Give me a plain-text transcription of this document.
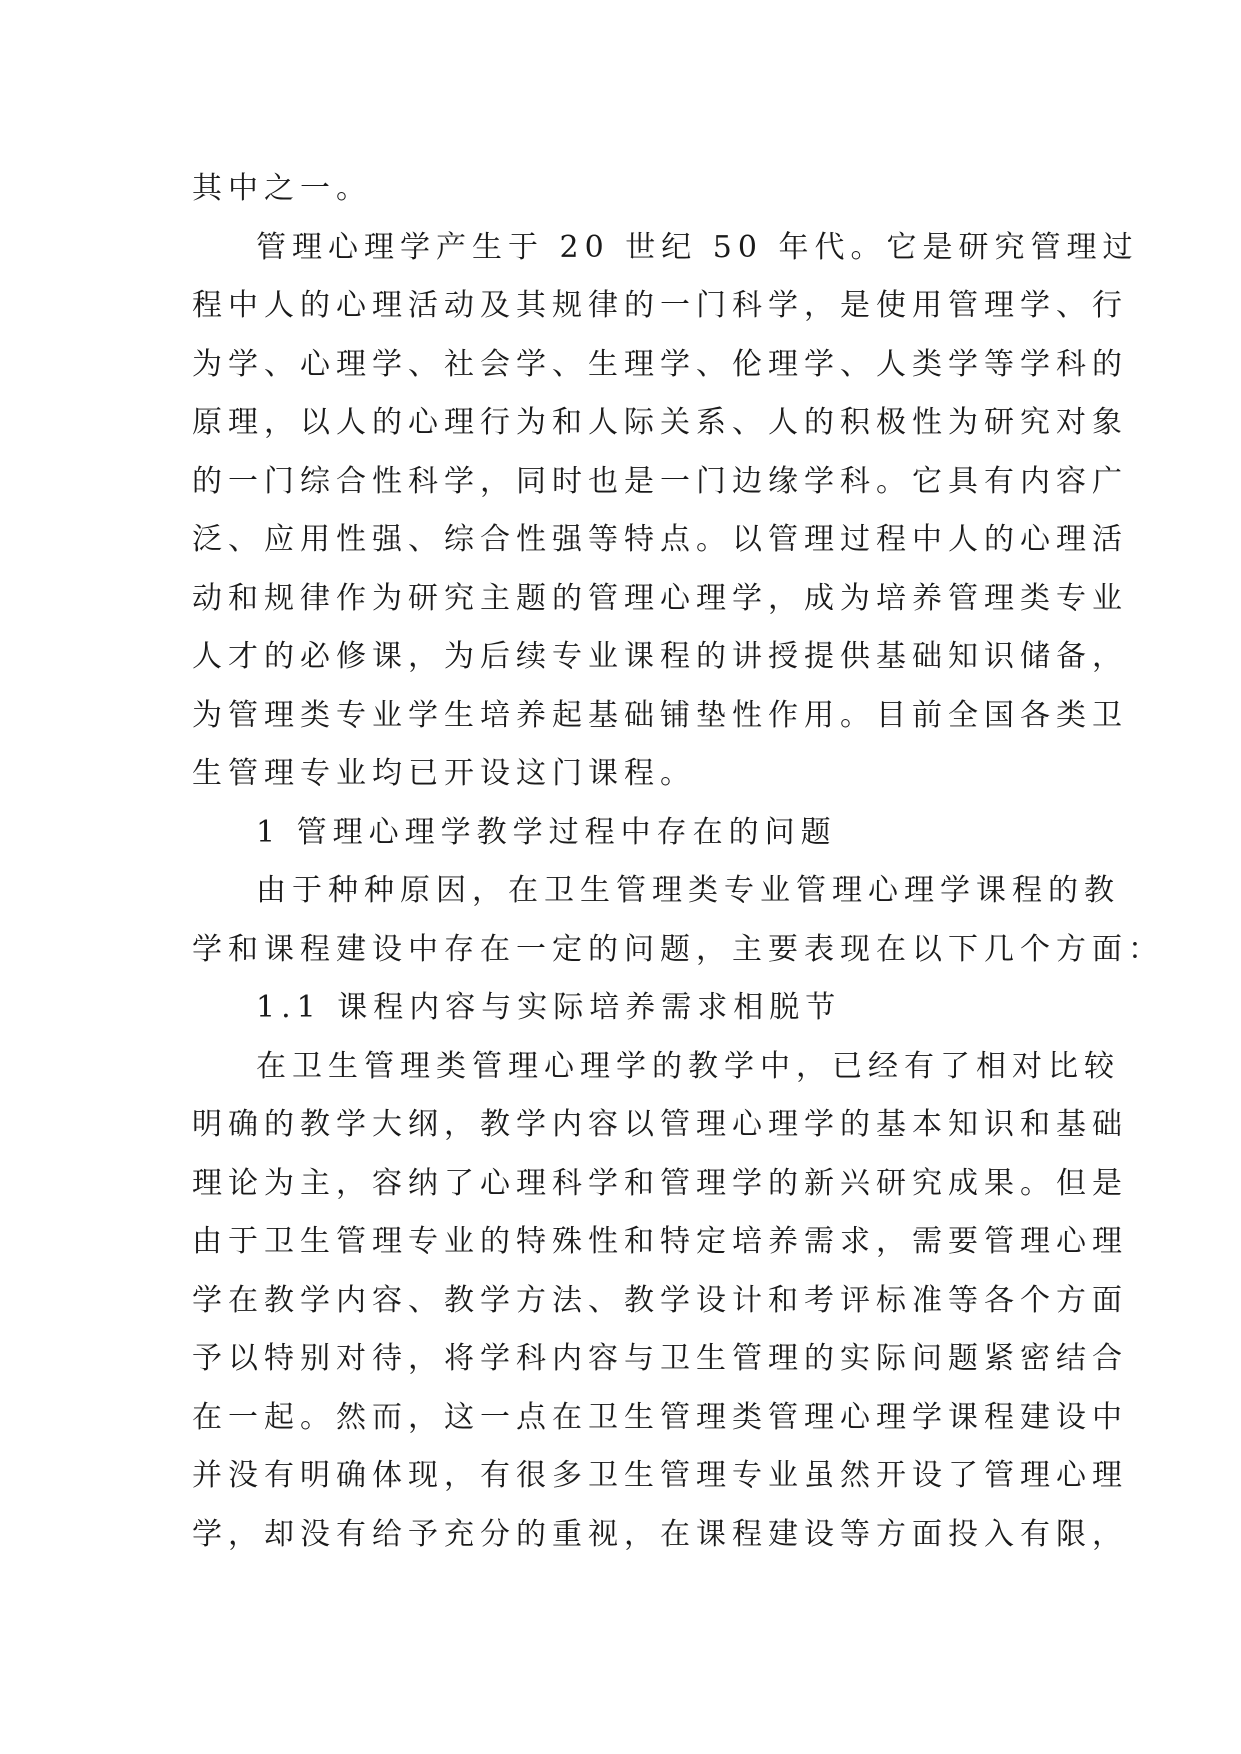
其中之一。
管理心理学产生于 20 世纪 50 年代。它是研究管理过
程中人的心理活动及其规律的一门科学，是使用管理学、行
为学、心理学、社会学、生理学、伦理学、人类学等学科的
原理，以人的心理行为和人际关系、人的积极性为研究对象
的一门综合性科学，同时也是一门边缘学科。它具有内容广
泛、应用性强、综合性强等特点。以管理过程中人的心理活
动和规律作为研究主题的管理心理学，成为培养管理类专业
人才的必修课，为后续专业课程的讲授提供基础知识储备，
为管理类专业学生培养起基础铺垫性作用。目前全国各类卫
生管理专业均已开设这门课程。
1 管理心理学教学过程中存在的问题
由于种种原因，在卫生管理类专业管理心理学课程的教
学和课程建设中存在一定的问题，主要表现在以下几个方面：
1.1 课程内容与实际培养需求相脱节
在卫生管理类管理心理学的教学中，已经有了相对比较
明确的教学大纲，教学内容以管理心理学的基本知识和基础
理论为主，容纳了心理科学和管理学的新兴研究成果。但是
由于卫生管理专业的特殊性和特定培养需求，需要管理心理
学在教学内容、教学方法、教学设计和考评标准等各个方面
予以特别对待，将学科内容与卫生管理的实际问题紧密结合
在一起。然而，这一点在卫生管理类管理心理学课程建设中
并没有明确体现，有很多卫生管理专业虽然开设了管理心理
学，却没有给予充分的重视，在课程建设等方面投入有限，
